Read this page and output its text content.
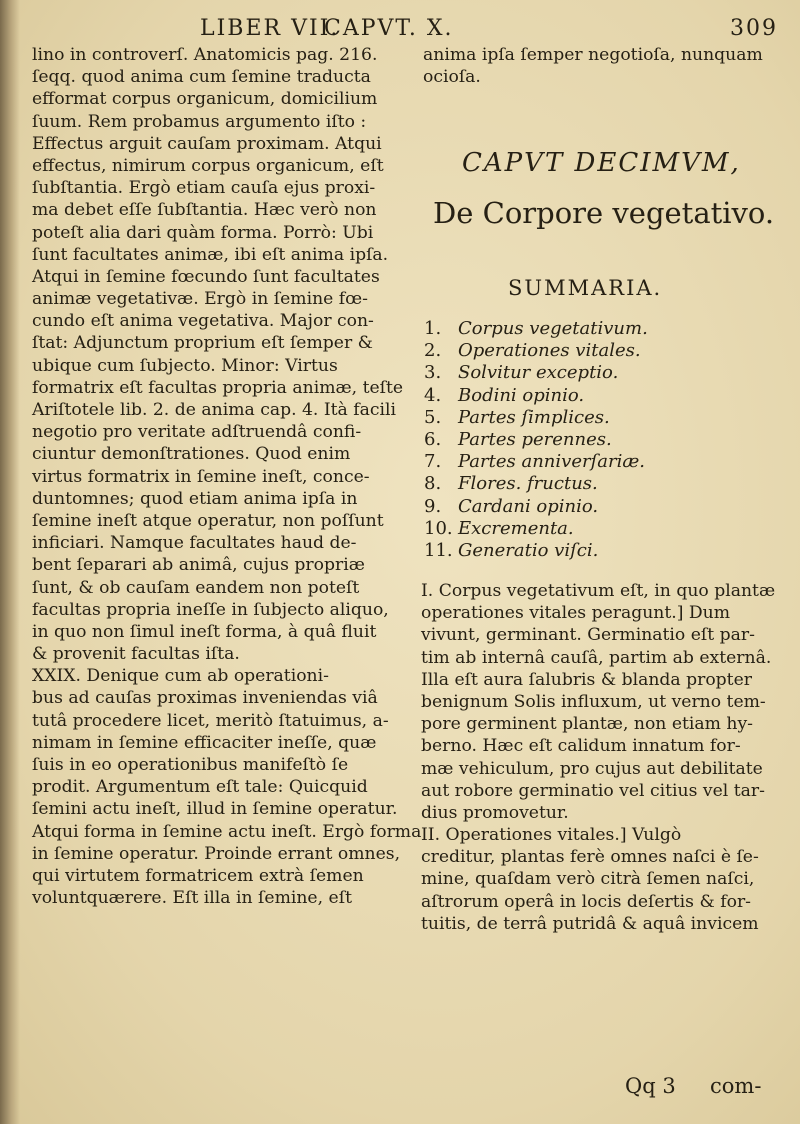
LIBER VII.
CAPVT. X.	309
lino in controverſ. Anatomicis pag. 216.
ſeqq. quod anima cum ſemine traducta
efformat corpus organicum, domicilium
ſuum. Rem probamus argumento iſto :
Effectus arguit cauſam proximam. Atqui
effectus, nimirum corpus organicum, eſt
ſubſtantia. Ergò etiam cauſa ejus proxi-
ma debet eſſe ſubſtantia. Hæc verò non
poteſt alia dari quàm forma. Porrò: Ubi
ſunt facultates animæ, ibi eſt anima ipſa.
Atqui in ſemine fœcundo ſunt facultates
animæ vegetativæ. Ergò in ſemine fœ-
cundo eſt anima vegetativa. Major con-
ſtat: Adjunctum proprium eſt ſemper &
ubique cum ſubjecto. Minor: Virtus
formatrix eſt facultas propria animæ, teſte
Ariſtotele lib. 2. de anima cap. 4. Ità facili
negotio pro veritate adſtruendâ confi-
ciuntur demonſtrationes. Quod enim
virtus formatrix in ſemine ineſt, conce-
duntomnes; quod etiam anima ipſa in
ſemine ineſt atque operatur, non poſſunt
inficiari. Namque facultates haud de-
bent ſeparari ab animâ, cujus propriæ
ſunt, & ob cauſam eandem non poteſt
facultas propria ineſſe in ſubjecto aliquo,
in quo non ſimul ineſt forma, à quâ fluit
& provenit facultas iſta.
XXIX. Denique cum ab operationi-
bus ad cauſas proximas inveniendas viâ
tutâ procedere licet, meritò ſtatuimus, a-
nimam in ſemine efficaciter ineſſe, quæ
ſuis in eo operationibus manifeſtò ſe
prodit. Argumentum eſt tale: Quicquid
ſemini actu ineſt, illud in ſemine operatur.
Atqui forma in ſemine actu ineſt. Ergò forma
in ſemine operatur. Proinde errant omnes,
qui virtutem formatricem extrà ſemen
voluntquærere. Eſt illa in ſemine, eſt
anima ipſa ſemper negotioſa, nunquam
ocioſa.
CAPVT DECIMVM,
De Corpore vegetativo.
SUMMARIA.
1. Corpus vegetativum.
2. Operationes vitales.
3. Solvitur exceptio.
4. Bodini opinio.
5. Partes ſimplices.
6. Partes perennes.
7. Partes anniverſariæ.
8. Flores. fructus.
9. Cardani opinio.
10. Excrementa.
11. Generatio viſci.
I. Corpus vegetativum eſt, in quo plantæ
operationes vitales peragunt.] Dum
vivunt, germinant. Germinatio eſt par-
tim ab internâ cauſâ, partim ab externâ.
Illa eſt aura ſalubris & blanda propter
benignum Solis influxum, ut verno tem-
pore germinent plantæ, non etiam hy-
berno. Hæc eſt calidum innatum for-
mæ vehiculum, pro cujus aut debilitate
aut robore germinatio vel citius vel tar-
dius promovetur.
II. Operationes vitales.] Vulgò
creditur, plantas ferè omnes naſci è ſe-
mine, quaſdam verò citrà ſemen naſci,
aſtrorum operâ in locis deſertis & for-
tuitis, de terrâ putridâ & aquâ invicem
Qq 3 com-
